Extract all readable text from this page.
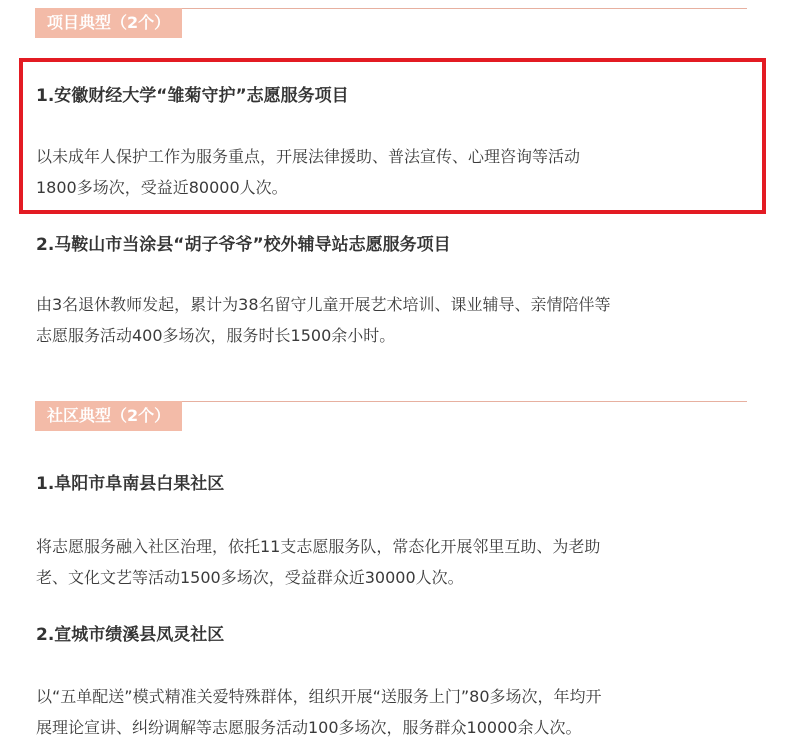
项目典型（2个）
1.安徽财经大学“雏菊守护”志愿服务项目

以未成年人保护工作为服务重点，开展法律援助、普法宣传、心理咨询等活动
1800多场次，受益近80000人次。

2.马鞍山市当涂县“胡子爷爷”校外辅导站志愿服务项目

由3名退休教师发起，累计为38名留守儿童开展艺术培训、课业辅导、亲情陪伴等
志愿服务活动400多场次，服务时长1500余小时。

社区典型（2个）
1.阜阳市阜南县白果社区

将志愿服务融入社区治理，依托11支志愿服务队，常态化开展邻里互助、为老助
老、文化文艺等活动1500多场次，受益群众近30000人次。

2.宣城市绩溪县凤灵社区

以“五单配送”模式精准关爱特殊群体，组织开展“送服务上门”80多场次，年均开
展理论宣讲、纠纷调解等志愿服务活动100多场次，服务群众10000余人次。
